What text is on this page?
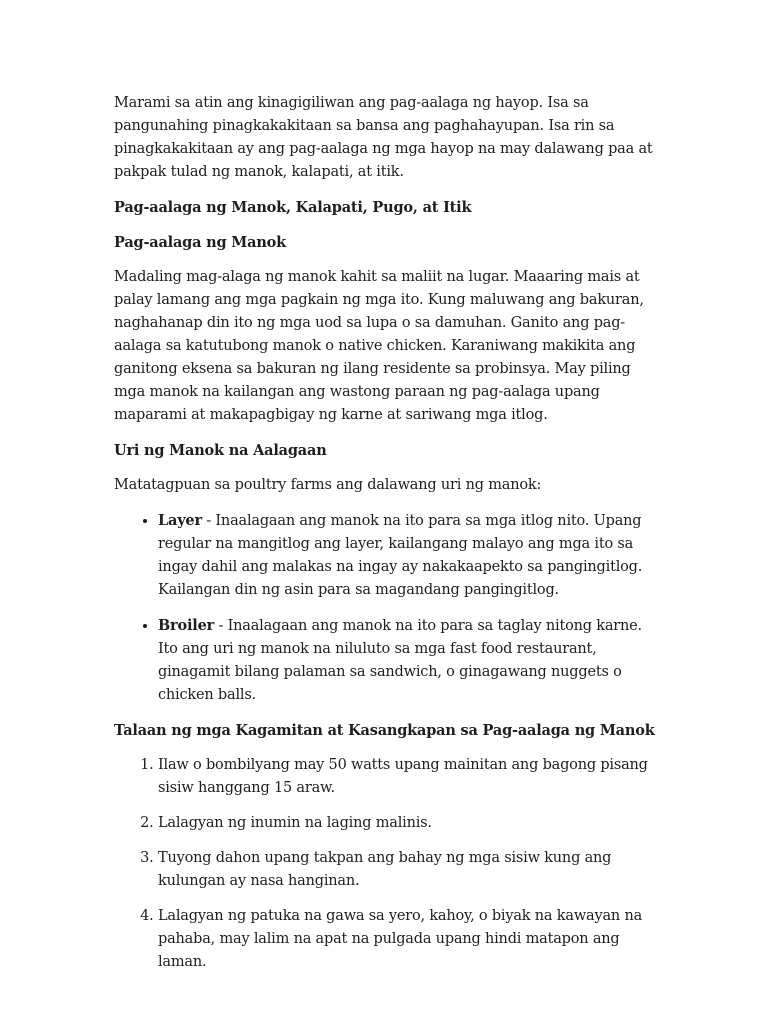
Marami sa atin ang kinagigiliwan ang pag-aalaga ng hayop. Isa sa pangunahing pinagkakakitaan sa bansa ang paghahayupan. Isa rin sa pinagkakakitaan ay ang pag-aalaga ng mga hayop na may dalawang paa at pakpak tulad ng manok, kalapati, at itik.

Pag-aalaga ng Manok, Kalapati, Pugo, at Itik

Pag-aalaga ng Manok

Madaling mag-alaga ng manok kahit sa maliit na lugar. Maaaring mais at palay lamang ang mga pagkain ng mga ito. Kung maluwang ang bakuran, naghahanap din ito ng mga uod sa lupa o sa damuhan. Ganito ang pag-aalaga sa katutubong manok o native chicken. Karaniwang makikita ang ganitong eksena sa bakuran ng ilang residente sa probinsya. May piling mga manok na kailangan ang wastong paraan ng pag-aalaga upang maparami at makapagbigay ng karne at sariwang mga itlog.

Uri ng Manok na Aalagaan

Matatagpuan sa poultry farms ang dalawang uri ng manok:

• Layer - Inaalagaan ang manok na ito para sa mga itlog nito. Upang regular na mangitlog ang layer, kailangang malayo ang mga ito sa ingay dahil ang malakas na ingay ay nakakaapekto sa pangingitlog. Kailangan din ng asin para sa magandang pangingitlog.
• Broiler - Inaalagaan ang manok na ito para sa taglay nitong karne. Ito ang uri ng manok na niluluto sa mga fast food restaurant, ginagamit bilang palaman sa sandwich, o ginagawang nuggets o chicken balls.

Talaan ng mga Kagamitan at Kasangkapan sa Pag-aalaga ng Manok

1. Ilaw o bombilyang may 50 watts upang mainitan ang bagong pisang sisiw hanggang 15 araw.
2. Lalagyan ng inumin na laging malinis.
3. Tuyong dahon upang takpan ang bahay ng mga sisiw kung ang kulungan ay nasa hanginan.
4. Lalagyan ng patuka na gawa sa yero, kahoy, o biyak na kawayan na pahaba, may lalim na apat na pulgada upang hindi matapon ang laman.
